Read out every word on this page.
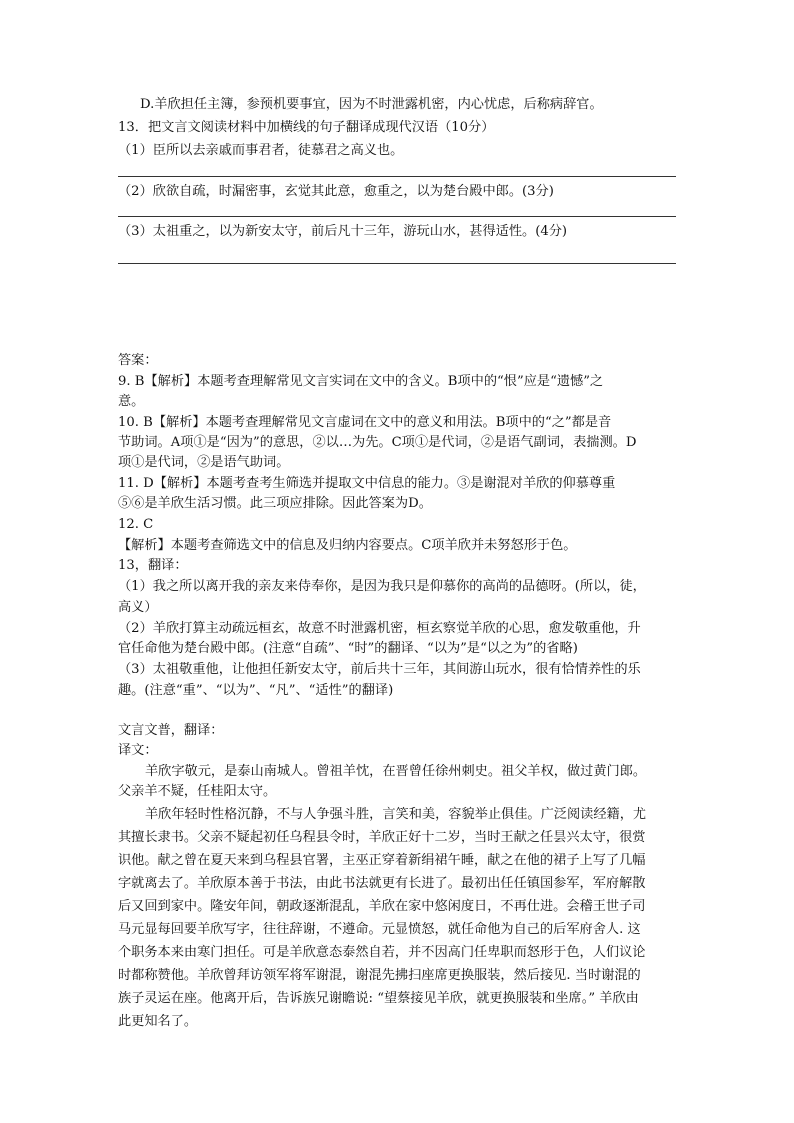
D.羊欣担任主簿，参预机要事宜，因为不时泄露机密，内心忧虑，后称病辞官。
13．把文言文阅读材料中加横线的句子翻译成现代汉语（10分）
（1）臣所以去亲戚而事君者，徒慕君之高义也。
（2）欣欲自疏，时漏密事，玄觉其此意，愈重之，以为楚台殿中郎。(3分)
（3）太祖重之，以为新安太守，前后凡十三年，游玩山水，甚得适性。(4分)
答案：
9. B【解析】本题考查理解常见文言实词在文中的含义。B项中的“恨”应是“遗憾”之
意。
10. B【解析】本题考查理解常见文言虚词在文中的意义和用法。B项中的“之”都是音
节助词。A项①是“因为”的意思，②以…为先。C项①是代词，②是语气副词，表揣测。D
项①是代词，②是语气助词。
11. D【解析】本题考查考生筛选并提取文中信息的能力。③是谢混对羊欣的仰慕尊重
⑤⑥是羊欣生活习惯。此三项应排除。因此答案为D。
12. C
【解析】本题考查筛选文中的信息及归纳内容要点。C项羊欣并未努怒形于色。
13，翻译：
（1）我之所以离开我的亲友来侍奉你，是因为我只是仰慕你的高尚的品德呀。(所以，徒，
高义）
（2）羊欣打算主动疏远桓玄，故意不时泄露机密，桓玄察觉羊欣的心思，愈发敬重他，升
官任命他为楚台殿中郎。(注意“自疏”、“时”的翻译、“以为”是“以之为”的省略)
（3）太祖敬重他，让他担任新安太守，前后共十三年，其间游山玩水，很有恰情养性的乐
趣。(注意“重”、“以为”、“凡”、“适性”的翻译)
文言文普，翻译：
译文：
羊欣字敬元，是泰山南城人。曾祖羊忱，在晋曾任徐州刺史。祖父羊权，做过黄门郎。
父亲羊不疑，任桂阳太守。
羊欣年轻时性格沉静，不与人争强斗胜，言笑和美，容貌举止俱佳。广泛阅读经籍，尤
其擅长隶书。父亲不疑起初任乌程县令时，羊欣正好十二岁，当时王献之任昙兴太守，很赏
识他。献之曾在夏天来到乌程县官署，主巫正穿着新绢裙午睡，献之在他的裙子上写了几幅
字就离去了。羊欣原本善于书法，由此书法就更有长进了。最初出任任镇国参军，军府解散
后又回到家中。隆安年间，朝政逐渐混乱，羊欣在家中悠闲度日，不再仕进。会稽王世子司
马元显每回要羊欣写字，往往辞谢，不遵命。元显愤怒，就任命他为自己的后军府舍人. 这
个职务本来由寒门担任。可是羊欣意态泰然自若，并不因高门任卑职而怒形于色，人们议论
时都称赞他。羊欣曾拜访领军将军谢混，谢混先拂扫座席更换服装，然后接见. 当时谢混的
族子灵运在座。他离开后，告诉族兄谢瞻说: “望蔡接见羊欣，就更换服装和坐席。” 羊欣由
此更知名了。
